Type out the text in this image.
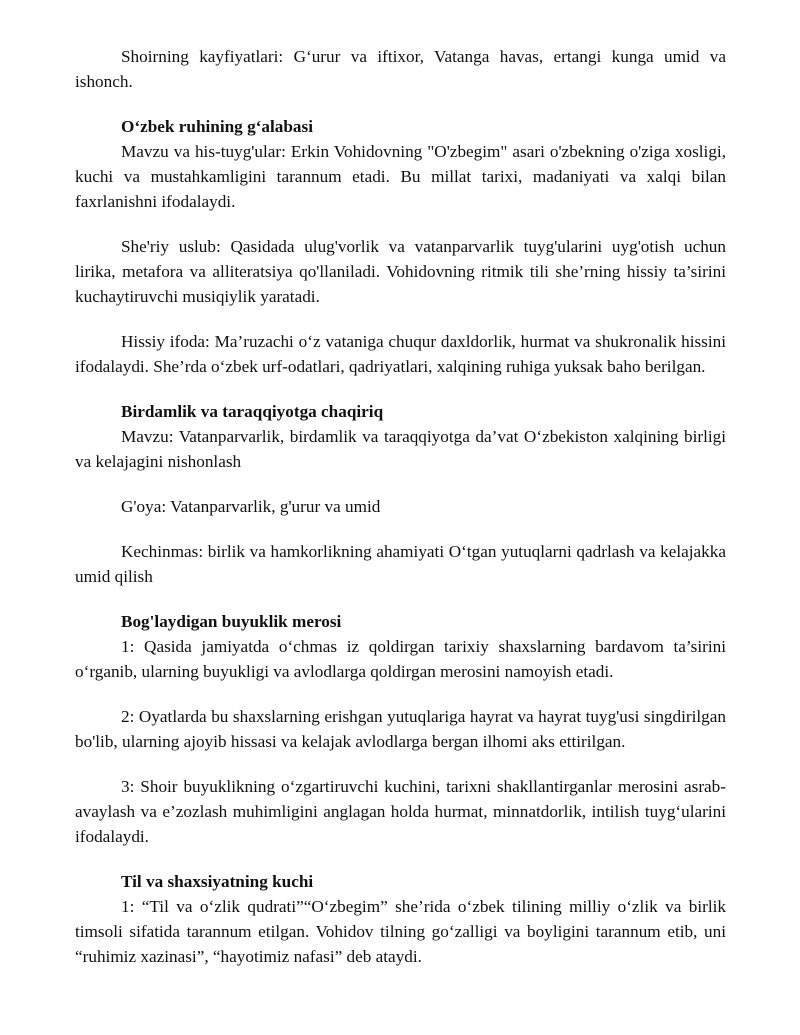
Shoirning kayfiyatlari: G‘urur va iftixor, Vatanga havas, ertangi kunga umid va ishonch.

O‘zbek ruhining g‘alabasi

Mavzu va his-tuyg'ular: Erkin Vohidovning "O'zbegim" asari o'zbekning o'ziga xosligi, kuchi va mustahkamligini tarannum etadi. Bu millat tarixi, madaniyati va xalqi bilan faxrlanishni ifodalaydi.

She'riy uslub: Qasidada ulug'vorlik va vatanparvarlik tuyg'ularini uyg'otish uchun lirika, metafora va alliteratsiya qo'llaniladi. Vohidovning ritmik tili she’rning hissiy ta’sirini kuchaytiruvchi musiqiylik yaratadi.

Hissiy ifoda: Ma’ruzachi o‘z vataniga chuqur daxldorlik, hurmat va shukronalik hissini ifodalaydi. She’rda o‘zbek urf-odatlari, qadriyatlari, xalqining ruhiga yuksak baho berilgan.

Birdamlik va taraqqiyotga chaqiriq

Mavzu: Vatanparvarlik, birdamlik va taraqqiyotga da’vat O‘zbekiston xalqining birligi va kelajagini nishonlash

G'oya: Vatanparvarlik, g'urur va umid

Kechinmas: birlik va hamkorlikning ahamiyati O‘tgan yutuqlarni qadrlash va kelajakka umid qilish

Bog'laydigan buyuklik merosi

1: Qasida jamiyatda o‘chmas iz qoldirgan tarixiy shaxslarning bardavom ta’sirini o‘rganib, ularning buyukligi va avlodlarga qoldirgan merosini namoyish etadi.

2: Oyatlarda bu shaxslarning erishgan yutuqlariga hayrat va hayrat tuyg'usi singdirilgan bo'lib, ularning ajoyib hissasi va kelajak avlodlarga bergan ilhomi aks ettirilgan.

3: Shoir buyuklikning o‘zgartiruvchi kuchini, tarixni shakllantirganlar merosini asrab-avaylash va e’zozlash muhimligini anglagan holda hurmat, minnatdorlik, intilish tuyg‘ularini ifodalaydi.

Til va shaxsiyatning kuchi

1: “Til va o‘zlik qudrati”“O‘zbegim” she’rida o‘zbek tilining milliy o‘zlik va birlik timsoli sifatida tarannum etilgan. Vohidov tilning go‘zalligi va boyligini tarannum etib, uni “ruhimiz xazinasi”, “hayotimiz nafasi” deb ataydi.
